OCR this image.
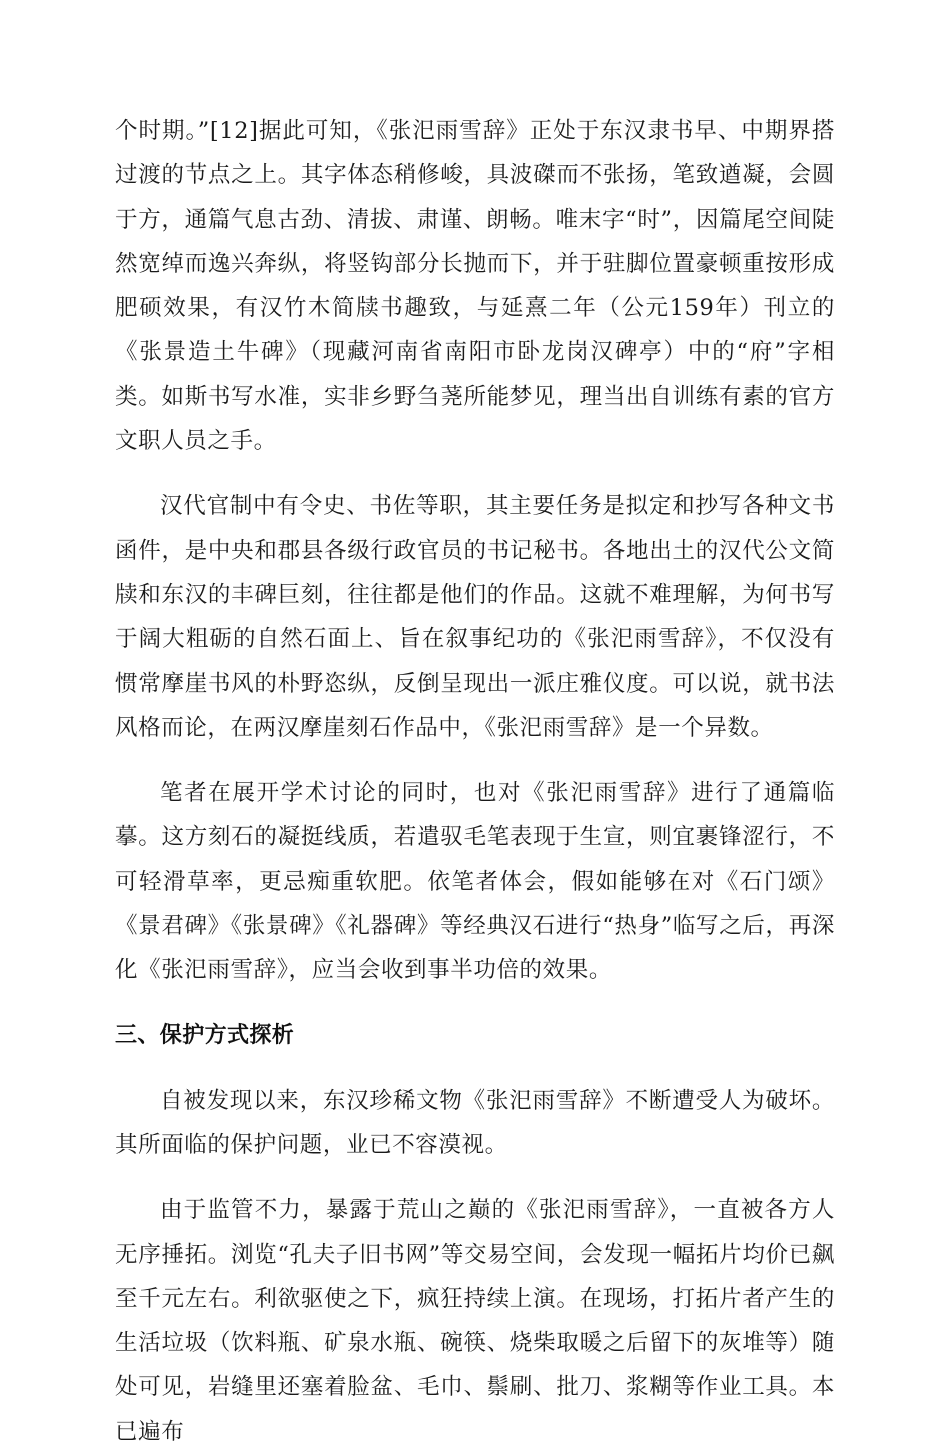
个时期。”[12]据此可知，《张汜雨雪辞》正处于东汉隶书早、中期界搭过渡的节点之上。其字体态稍修峻，具波磔而不张扬，笔致遒凝，会圆于方，通篇气息古劲、清拔、肃谨、朗畅。唯末字“时”，因篇尾空间陡然宽绰而逸兴奔纵，将竖钩部分长抛而下，并于驻脚位置豪顿重按形成肥硕效果，有汉竹木简牍书趣致，与延熹二年（公元159年）刊立的《张景造土牛碑》（现藏河南省南阳市卧龙岗汉碑亭）中的“府”字相类。如斯书写水准，实非乡野刍荛所能梦见，理当出自训练有素的官方文职人员之手。

汉代官制中有令史、书佐等职，其主要任务是拟定和抄写各种文书函件，是中央和郡县各级行政官员的书记秘书。各地出土的汉代公文简牍和东汉的丰碑巨刻，往往都是他们的作品。这就不难理解，为何书写于阔大粗砺的自然石面上、旨在叙事纪功的《张汜雨雪辞》，不仅没有惯常摩崖书风的朴野恣纵，反倒呈现出一派庄雅仪度。可以说，就书法风格而论，在两汉摩崖刻石作品中，《张汜雨雪辞》是一个异数。

笔者在展开学术讨论的同时，也对《张汜雨雪辞》进行了通篇临摹。这方刻石的凝挺线质，若遣驭毛笔表现于生宣，则宜裹锋涩行，不可轻滑草率，更忌痴重软肥。依笔者体会，假如能够在对《石门颂》《景君碑》《张景碑》《礼器碑》等经典汉石进行“热身”临写之后，再深化《张汜雨雪辞》，应当会收到事半功倍的效果。

三、保护方式探析

自被发现以来，东汉珍稀文物《张汜雨雪辞》不断遭受人为破坏。其所面临的保护问题，业已不容漠视。

由于监管不力，暴露于荒山之巅的《张汜雨雪辞》，一直被各方人无序捶拓。浏览“孔夫子旧书网”等交易空间，会发现一幅拓片均价已飙至千元左右。利欲驱使之下，疯狂持续上演。在现场，打拓片者产生的生活垃圾（饮料瓶、矿泉水瓶、碗筷、烧柴取暖之后留下的灰堆等）随处可见，岩缝里还塞着脸盆、毛巾、鬃刷、批刀、浆糊等作业工具。本已遍布
